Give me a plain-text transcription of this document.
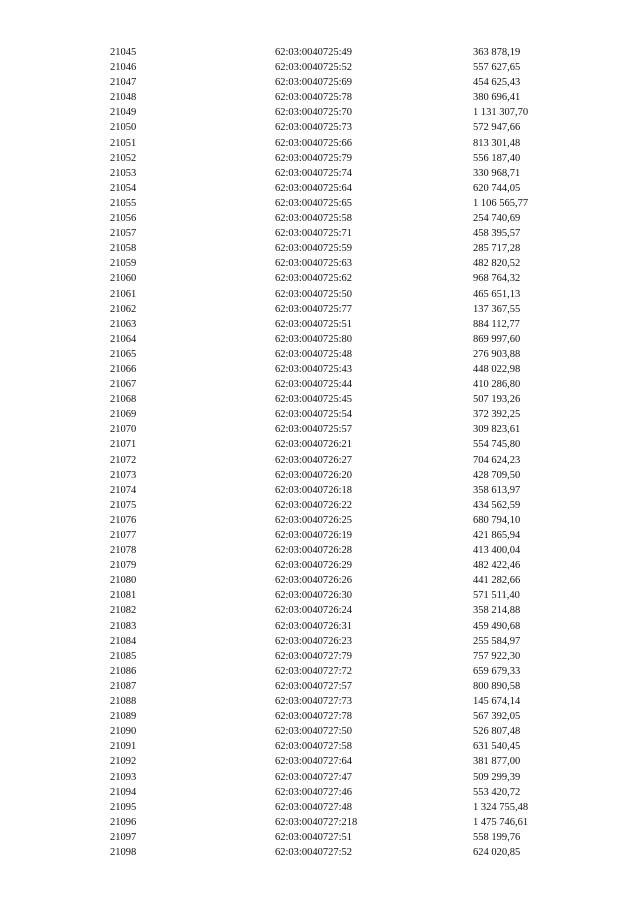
21045	62:03:0040725:49	363 878,19
21046	62:03:0040725:52	557 627,65
21047	62:03:0040725:69	454 625,43
21048	62:03:0040725:78	380 696,41
21049	62:03:0040725:70	1 131 307,70
21050	62:03:0040725:73	572 947,66
21051	62:03:0040725:66	813 301,48
21052	62:03:0040725:79	556 187,40
21053	62:03:0040725:74	330 968,71
21054	62:03:0040725:64	620 744,05
21055	62:03:0040725:65	1 106 565,77
21056	62:03:0040725:58	254 740,69
21057	62:03:0040725:71	458 395,57
21058	62:03:0040725:59	285 717,28
21059	62:03:0040725:63	482 820,52
21060	62:03:0040725:62	968 764,32
21061	62:03:0040725:50	465 651,13
21062	62:03:0040725:77	137 367,55
21063	62:03:0040725:51	884 112,77
21064	62:03:0040725:80	869 997,60
21065	62:03:0040725:48	276 903,88
21066	62:03:0040725:43	448 022,98
21067	62:03:0040725:44	410 286,80
21068	62:03:0040725:45	507 193,26
21069	62:03:0040725:54	372 392,25
21070	62:03:0040725:57	309 823,61
21071	62:03:0040726:21	554 745,80
21072	62:03:0040726:27	704 624,23
21073	62:03:0040726:20	428 709,50
21074	62:03:0040726:18	358 613,97
21075	62:03:0040726:22	434 562,59
21076	62:03:0040726:25	680 794,10
21077	62:03:0040726:19	421 865,94
21078	62:03:0040726:28	413 400,04
21079	62:03:0040726:29	482 422,46
21080	62:03:0040726:26	441 282,66
21081	62:03:0040726:30	571 511,40
21082	62:03:0040726:24	358 214,88
21083	62:03:0040726:31	459 490,68
21084	62:03:0040726:23	255 584,97
21085	62:03:0040727:79	757 922,30
21086	62:03:0040727:72	659 679,33
21087	62:03:0040727:57	800 890,58
21088	62:03:0040727:73	145 674,14
21089	62:03:0040727:78	567 392,05
21090	62:03:0040727:50	526 807,48
21091	62:03:0040727:58	631 540,45
21092	62:03:0040727:64	381 877,00
21093	62:03:0040727:47	509 299,39
21094	62:03:0040727:46	553 420,72
21095	62:03:0040727:48	1 324 755,48
21096	62:03:0040727:218	1 475 746,61
21097	62:03:0040727:51	558 199,76
21098	62:03:0040727:52	624 020,85
